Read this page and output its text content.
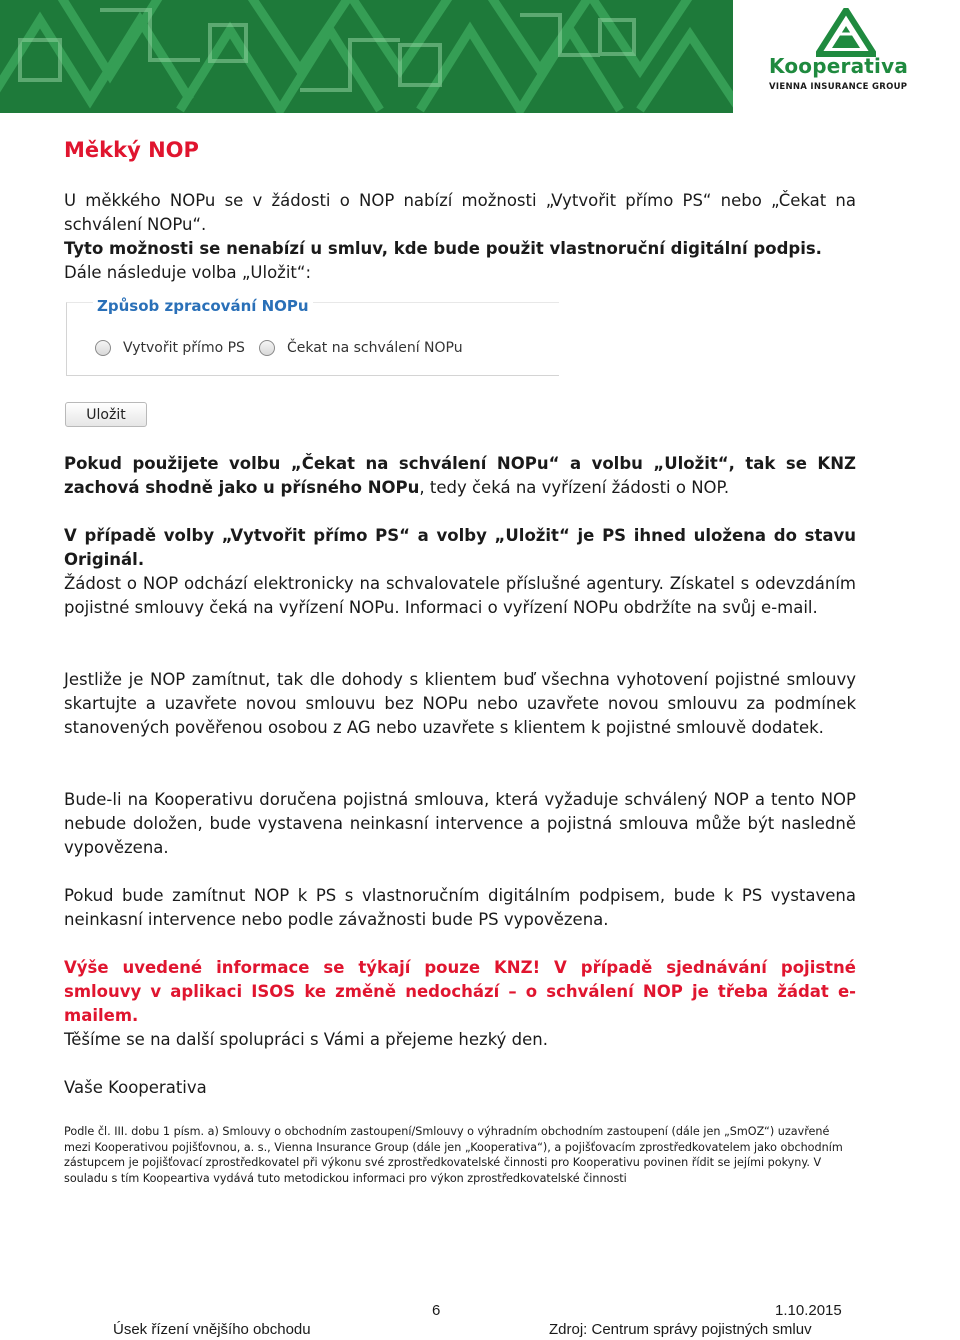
Kooperativa
VIENNA INSURANCE GROUP
Měkký NOP

U měkkého NOPu se v žádosti o NOP nabízí možnosti „Vytvořit přímo PS“ nebo „Čekat na schválení NOPu“.

Tyto možnosti se nenabízí u smluv, kde bude použit vlastnoruční digitální podpis.

Dále následuje volba „Uložit“:

Způsob zpracování NOPu
Vytvořit přímo PS	Čekat na schválení NOPu
Uložit

Pokud použijete volbu „Čekat na schválení NOPu“ a volbu „Uložit“, tak se KNZ zachová shodně jako u přísného NOPu, tedy čeká na vyřízení žádosti o NOP.

V případě volby „Vytvořit přímo PS“ a volby „Uložit“ je PS ihned uložena do stavu Originál.

Žádost o NOP odchází elektronicky na schvalovatele příslušné agentury. Získatel s odevzdáním pojistné smlouvy čeká na vyřízení NOPu. Informaci o vyřízení NOPu obdržíte na svůj e-mail.

Jestliže je NOP zamítnut, tak dle dohody s klientem buď všechna vyhotovení pojistné smlouvy skartujte a uzavřete novou smlouvu bez NOPu nebo uzavřete novou smlouvu za podmínek stanovených pověřenou osobou z AG nebo uzavřete s klientem k pojistné smlouvě dodatek.

Bude-li na Kooperativu doručena pojistná smlouva, která vyžaduje schválený NOP a tento NOP nebude doložen, bude vystavena neinkasní intervence a pojistná smlouva může být nasledně vypovězena.

Pokud bude zamítnut NOP k PS s vlastnoručním digitálním podpisem, bude k PS vystavena neinkasní intervence nebo podle závažnosti bude PS vypovězena.

Výše uvedené informace se týkají pouze KNZ! V případě sjednávání pojistné smlouvy v aplikaci ISOS ke změně nedochází – o schválení NOP je třeba žádat e-mailem.

Těšíme se na další spolupráci s Vámi a přejeme hezký den.

Vaše Kooperativa

Podle čl. III. dobu 1 písm. a) Smlouvy o obchodním zastoupení/Smlouvy o výhradním obchodním zastoupení (dále jen „SmOZ“) uzavřené mezi Kooperativou pojišťovnou, a. s., Vienna Insurance Group (dále jen „Kooperativa“), a pojišťovacím zprostředkovatelem jako obchodním zástupcem je pojišťovací zprostředkovatel při výkonu své zprostředkovatelské činnosti pro Kooperativu povinen řídit se jejími pokyny. V souladu s tím Koopeartiva vydává tuto metodickou informaci pro výkon zprostředkovatelské činnosti

6	1.10.2015
Úsek řízení vnějšího obchodu	Zdroj: Centrum správy pojistných smluv
